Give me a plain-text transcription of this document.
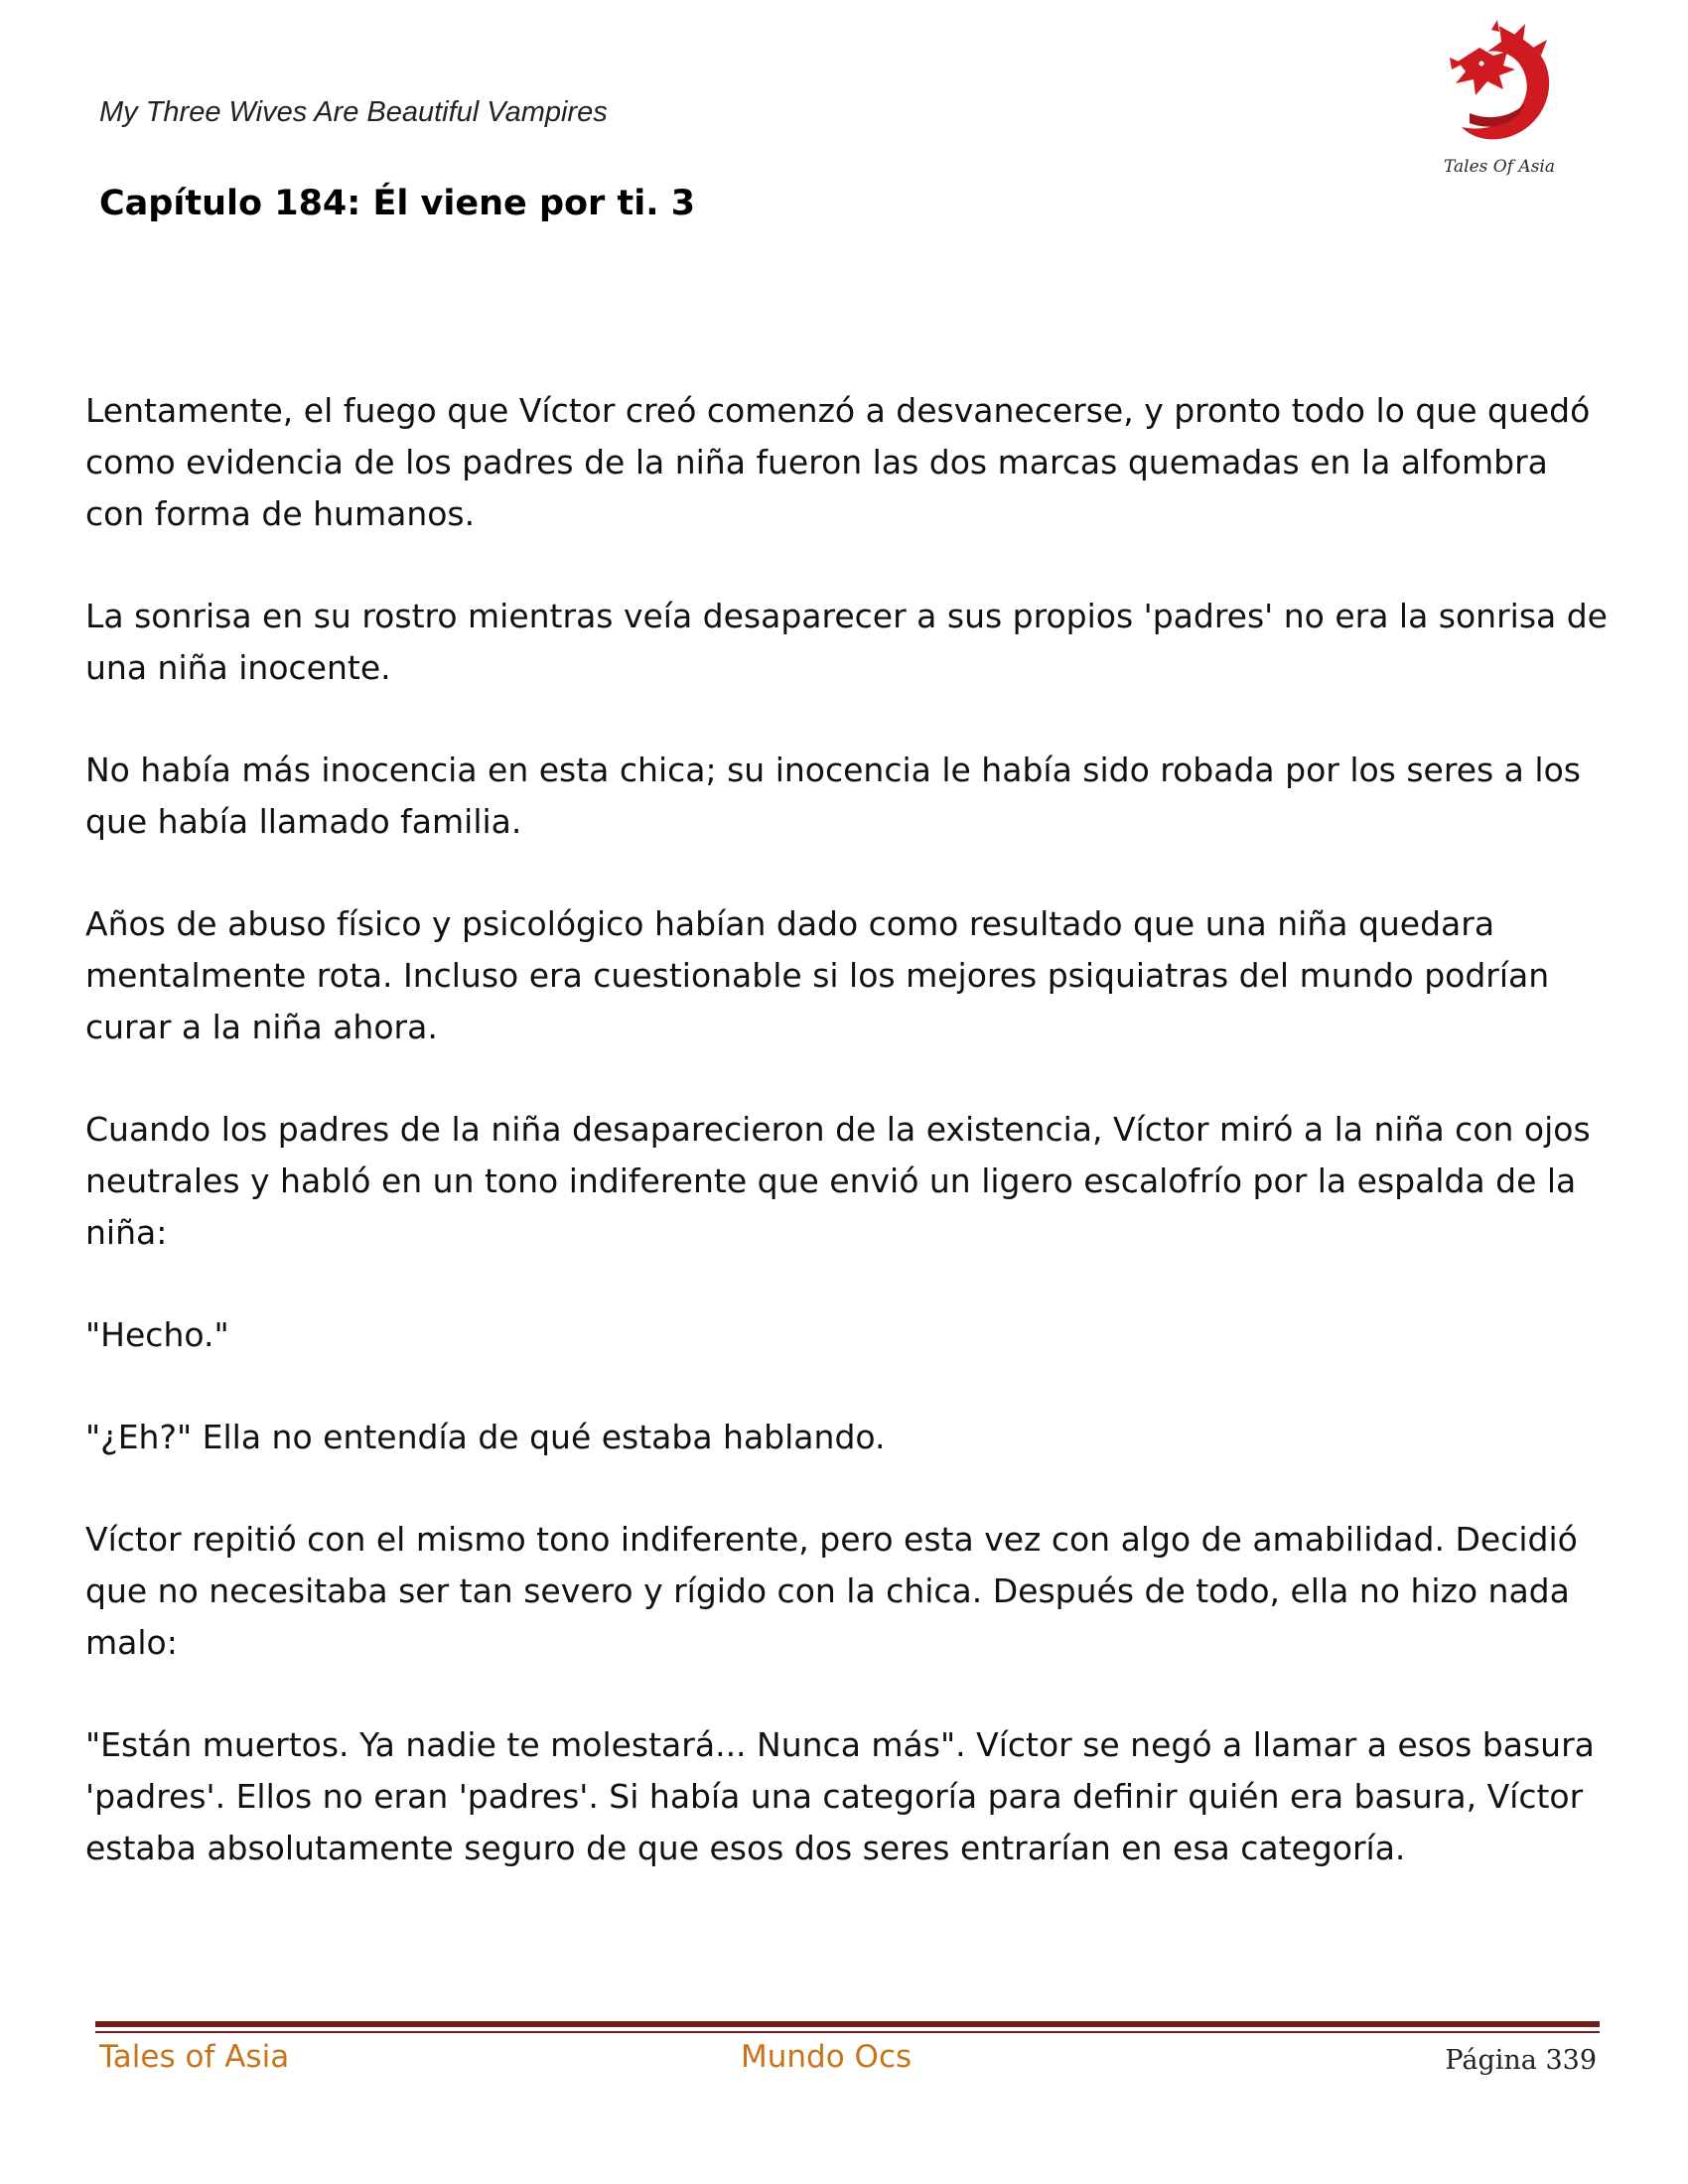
My Three Wives Are Beautiful Vampires
Capítulo 184: Él viene por ti. 3
Tales Of Asia

Lentamente, el fuego que Víctor creó comenzó a desvanecerse, y pronto todo lo que quedó como evidencia de los padres de la niña fueron las dos marcas quemadas en la alfombra con forma de humanos.

La sonrisa en su rostro mientras veía desaparecer a sus propios 'padres' no era la sonrisa de una niña inocente.

No había más inocencia en esta chica; su inocencia le había sido robada por los seres a los que había llamado familia.

Años de abuso físico y psicológico habían dado como resultado que una niña quedara mentalmente rota. Incluso era cuestionable si los mejores psiquiatras del mundo podrían curar a la niña ahora.

Cuando los padres de la niña desaparecieron de la existencia, Víctor miró a la niña con ojos neutrales y habló en un tono indiferente que envió un ligero escalofrío por la espalda de la niña:

"Hecho."

"¿Eh?" Ella no entendía de qué estaba hablando.

Víctor repitió con el mismo tono indiferente, pero esta vez con algo de amabilidad. Decidió que no necesitaba ser tan severo y rígido con la chica. Después de todo, ella no hizo nada malo:

"Están muertos. Ya nadie te molestará... Nunca más". Víctor se negó a llamar a esos basura 'padres'. Ellos no eran 'padres'. Si había una categoría para definir quién era basura, Víctor estaba absolutamente seguro de que esos dos seres entrarían en esa categoría.

Tales of Asia	Mundo Ocs	Página 339
